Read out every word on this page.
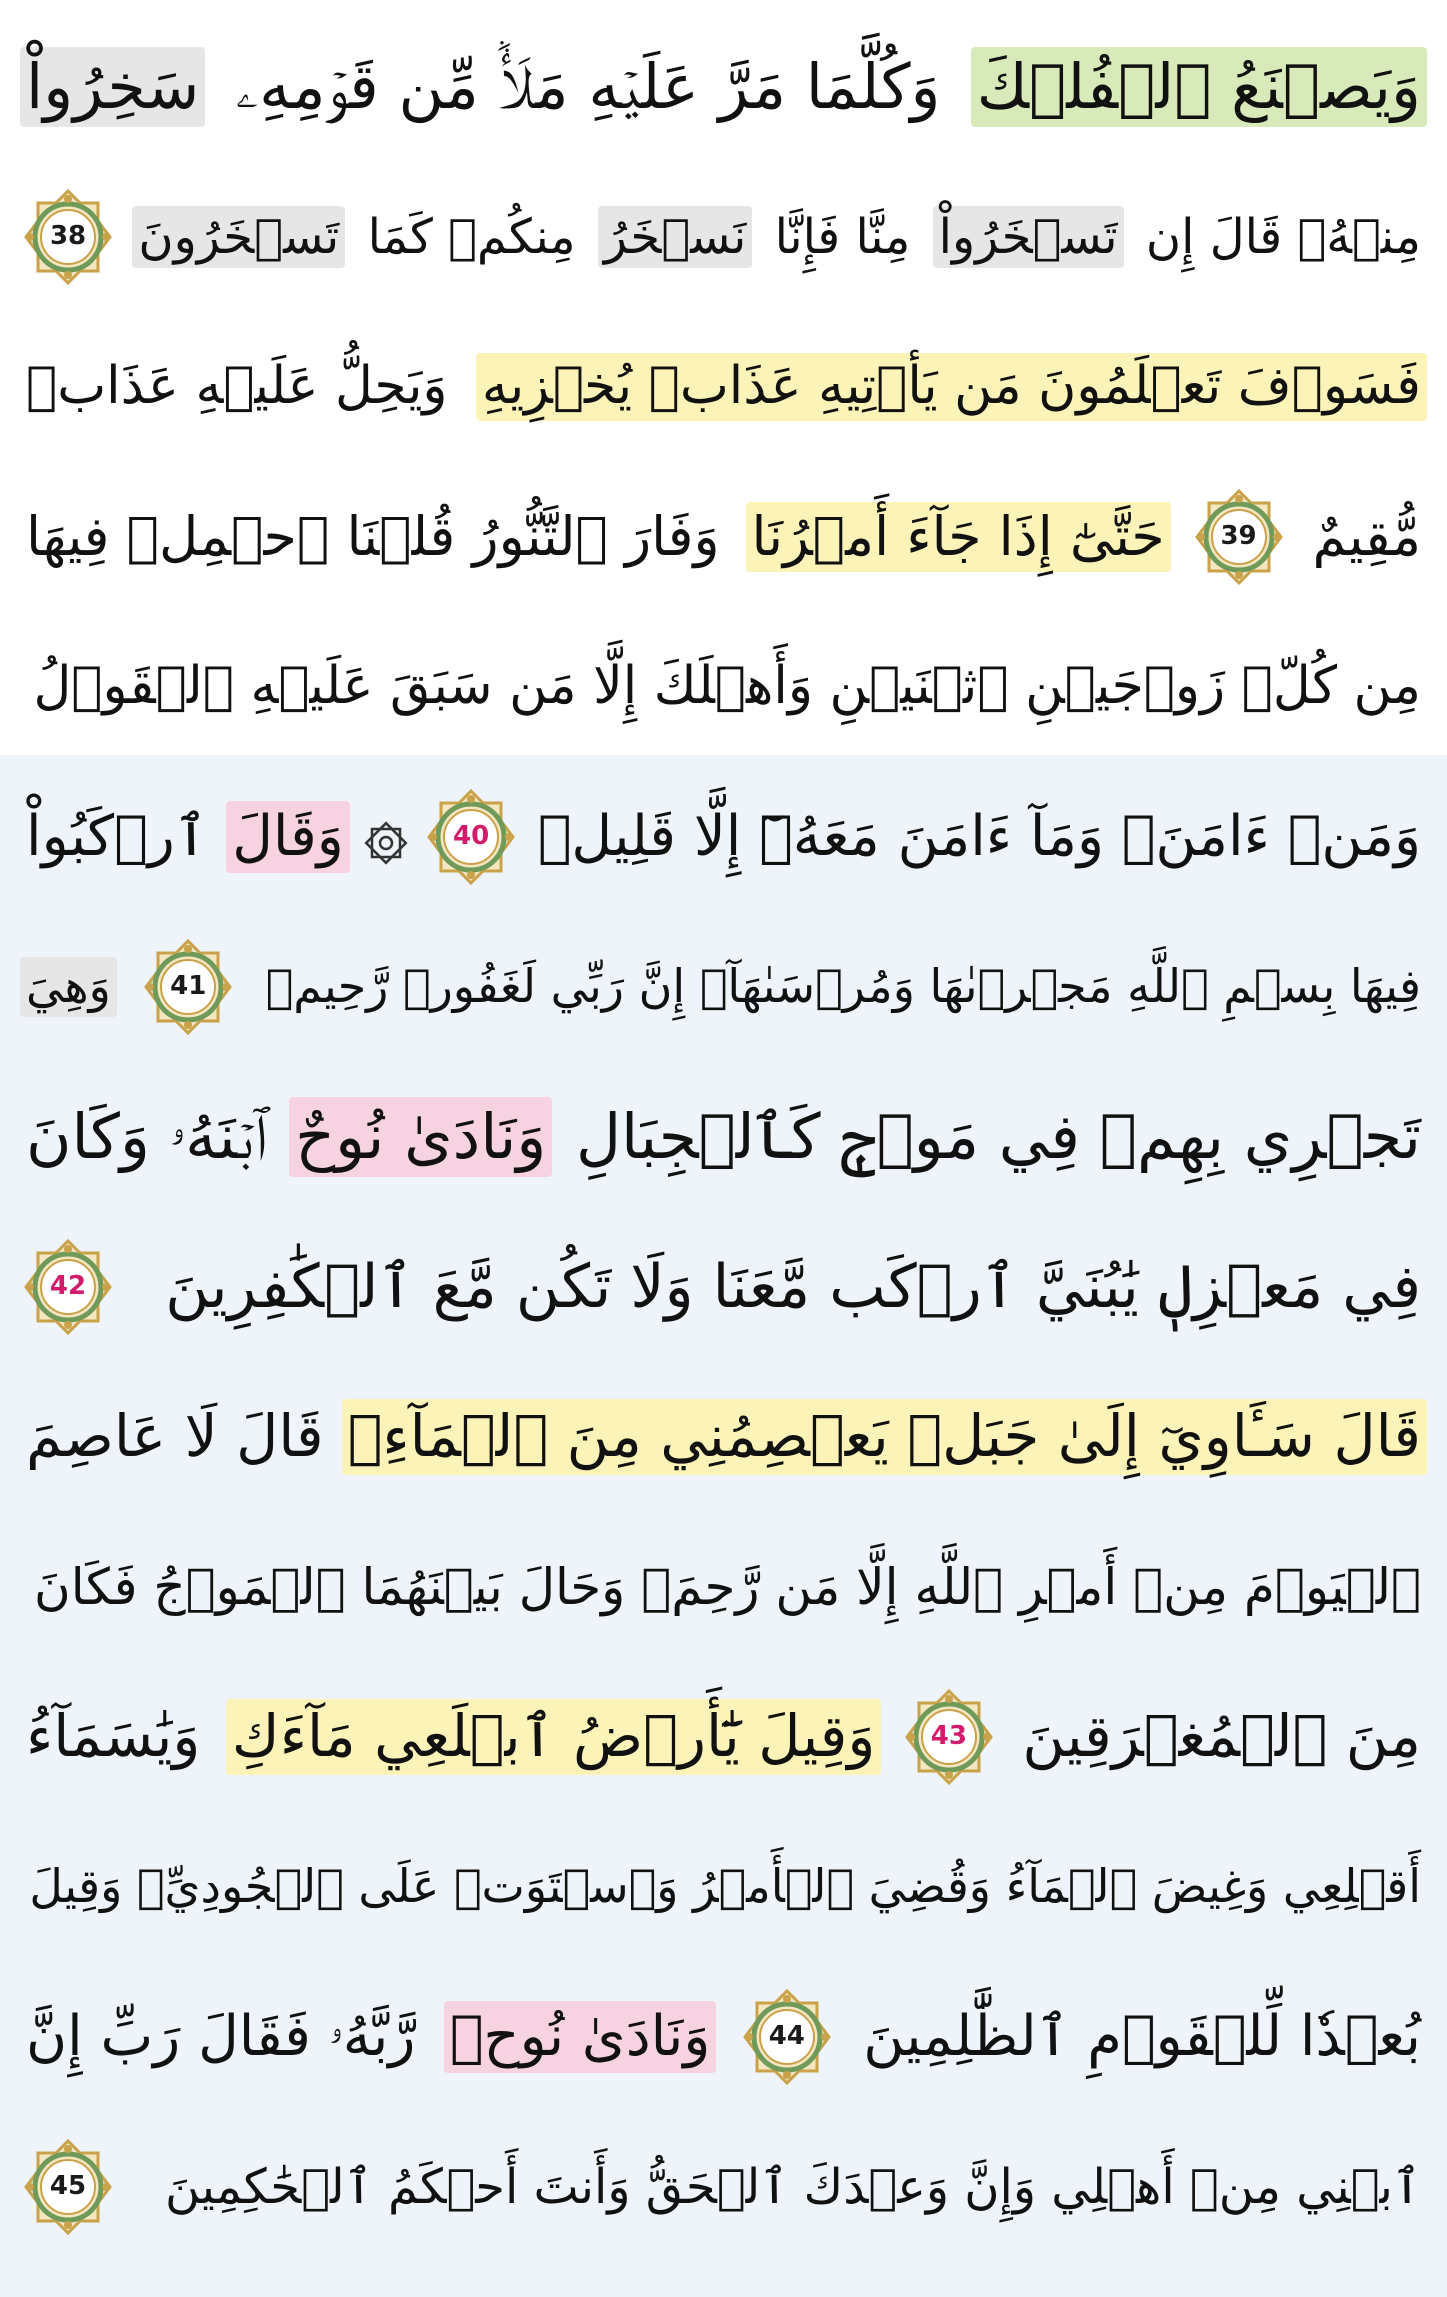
وَيَصۡنَعُ ٱلۡفُلۡكَ
وَكُلَّمَا مَرَّ عَلَيۡهِ مَلَأٞ مِّن قَوۡمِهِۦ
سَخِرُواْ
مِنۡهُۚ قَالَ إِن
تَسۡخَرُواْ
مِنَّا فَإِنَّا
نَسۡخَرُ
مِنكُمۡ كَمَا
تَسۡخَرُونَ
38
فَسَوۡفَ تَعۡلَمُونَ مَن يَأۡتِيهِ عَذَابٞ يُخۡزِيهِ
وَيَحِلُّ عَلَيۡهِ عَذَابٞ
مُّقِيمٌ
39
حَتَّىٰٓ إِذَا جَآءَ أَمۡرُنَا
وَفَارَ ٱلتَّنُّورُ قُلۡنَا ٱحۡمِلۡ فِيهَا
مِن كُلّٖ زَوۡجَيۡنِ ٱثۡنَيۡنِ وَأَهۡلَكَ إِلَّا مَن سَبَقَ عَلَيۡهِ ٱلۡقَوۡلُ
وَمَنۡ ءَامَنَۚ وَمَآ ءَامَنَ مَعَهُۥٓ إِلَّا قَلِيلٞ
40
وَقَالَ
ٱرۡكَبُواْ
فِيهَا بِسۡمِ ٱللَّهِ مَجۡرٜىٰهَا وَمُرۡسَىٰهَآۚ إِنَّ رَبِّي لَغَفُورٞ رَّحِيمٞ
41
وَهِيَ
تَجۡرِي بِهِمۡ فِي مَوۡجٖ كَٱلۡجِبَالِ
وَنَادَىٰ نُوحٌ
ٱبۡنَهُۥ وَكَانَ
فِي مَعۡزِلٖ يَٰبُنَيَّ ٱرۡكَب مَّعَنَا وَلَا تَكُن مَّعَ ٱلۡكَٰفِرِينَ
42
قَالَ سَـَٔاوِيٓ إِلَىٰ جَبَلٖ يَعۡصِمُنِي مِنَ ٱلۡمَآءِۚ
قَالَ لَا عَاصِمَ
ٱلۡيَوۡمَ مِنۡ أَمۡرِ ٱللَّهِ إِلَّا مَن رَّحِمَۚ وَحَالَ بَيۡنَهُمَا ٱلۡمَوۡجُ فَكَانَ
مِنَ ٱلۡمُغۡرَقِينَ
43
وَقِيلَ يَٰٓأَرۡضُ ٱبۡلَعِي مَآءَكِ
وَيَٰسَمَآءُ
أَقۡلِعِي وَغِيضَ ٱلۡمَآءُ وَقُضِيَ ٱلۡأَمۡرُ وَٱسۡتَوَتۡ عَلَى ٱلۡجُودِيِّۖ وَقِيلَ
بُعۡدٗا لِّلۡقَوۡمِ ٱلظَّٰلِمِينَ
44
وَنَادَىٰ نُوحٞ
رَّبَّهُۥ فَقَالَ رَبِّ إِنَّ
ٱبۡنِي مِنۡ أَهۡلِي وَإِنَّ وَعۡدَكَ ٱلۡحَقُّ وَأَنتَ أَحۡكَمُ ٱلۡحَٰكِمِينَ
45
